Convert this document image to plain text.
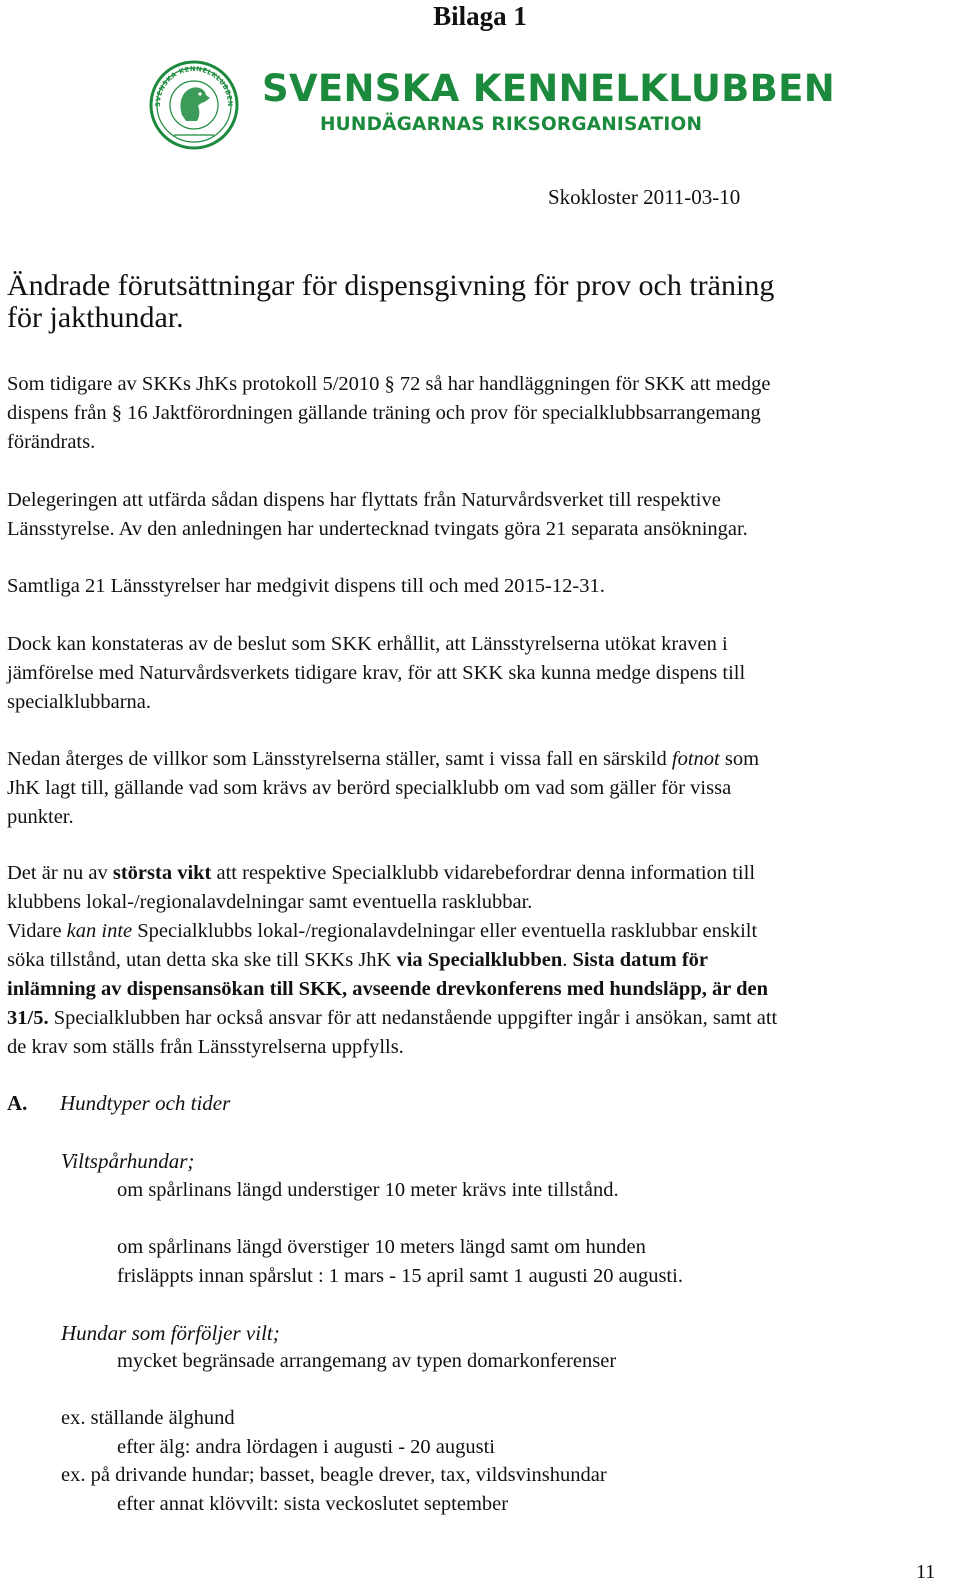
Bilaga 1
SVENSKA KENNELKLUBBEN SVENSKA KENNELKLUBBEN
HUNDÄGARNAS RIKSORGANISATION
Skokloster 2011-03-10
Ändrade förutsättningar för dispensgivning för prov och träning
för jakthundar.
Som tidigare av SKKs JhKs protokoll 5/2010 § 72 så har handläggningen för SKK att medge
dispens från § 16 Jaktförordningen gällande träning och prov för specialklubbsarrangemang
förändrats.
Delegeringen att utfärda sådan dispens har flyttats från Naturvårdsverket till respektive
Länsstyrelse. Av den anledningen har undertecknad tvingats göra 21 separata ansökningar.
Samtliga 21 Länsstyrelser har medgivit dispens till och med 2015-12-31.
Dock kan konstateras av de beslut som SKK erhållit, att Länsstyrelserna utökat kraven i
jämförelse med Naturvårdsverkets tidigare krav, för att SKK ska kunna medge dispens till
specialklubbarna.
Nedan återges de villkor som Länsstyrelserna ställer, samt i vissa fall en särskild fotnot som
JhK lagt till, gällande vad som krävs av berörd specialklubb om vad som gäller för vissa
punkter.
Det är nu av största vikt att respektive Specialklubb vidarebefordrar denna information till
klubbens lokal-/regionalavdelningar samt eventuella rasklubbar.
Vidare kan inte Specialklubbs lokal-/regionalavdelningar eller eventuella rasklubbar enskilt
söka tillstånd, utan detta ska ske till SKKs JhK via Specialklubben. Sista datum för
inlämning av dispensansökan till SKK, avseende drevkonferens med hundsläpp, är den
31/5. Specialklubben har också ansvar för att nedanstående uppgifter ingår i ansökan, samt att
de krav som ställs från Länsstyrelserna uppfylls.
A. Hundtyper och tider
Viltspårhundar;
om spårlinans längd understiger 10 meter krävs inte tillstånd.
om spårlinans längd överstiger 10 meters längd samt om hunden
frisläppts innan spårslut : 1 mars - 15 april samt 1 augusti 20 augusti.
Hundar som förföljer vilt;
mycket begränsade arrangemang av typen domarkonferenser
ex. ställande älghund
efter älg: andra lördagen i augusti - 20 augusti
ex. på drivande hundar; basset, beagle drever, tax, vildsvinshundar
efter annat klövvilt: sista veckoslutet september
11
